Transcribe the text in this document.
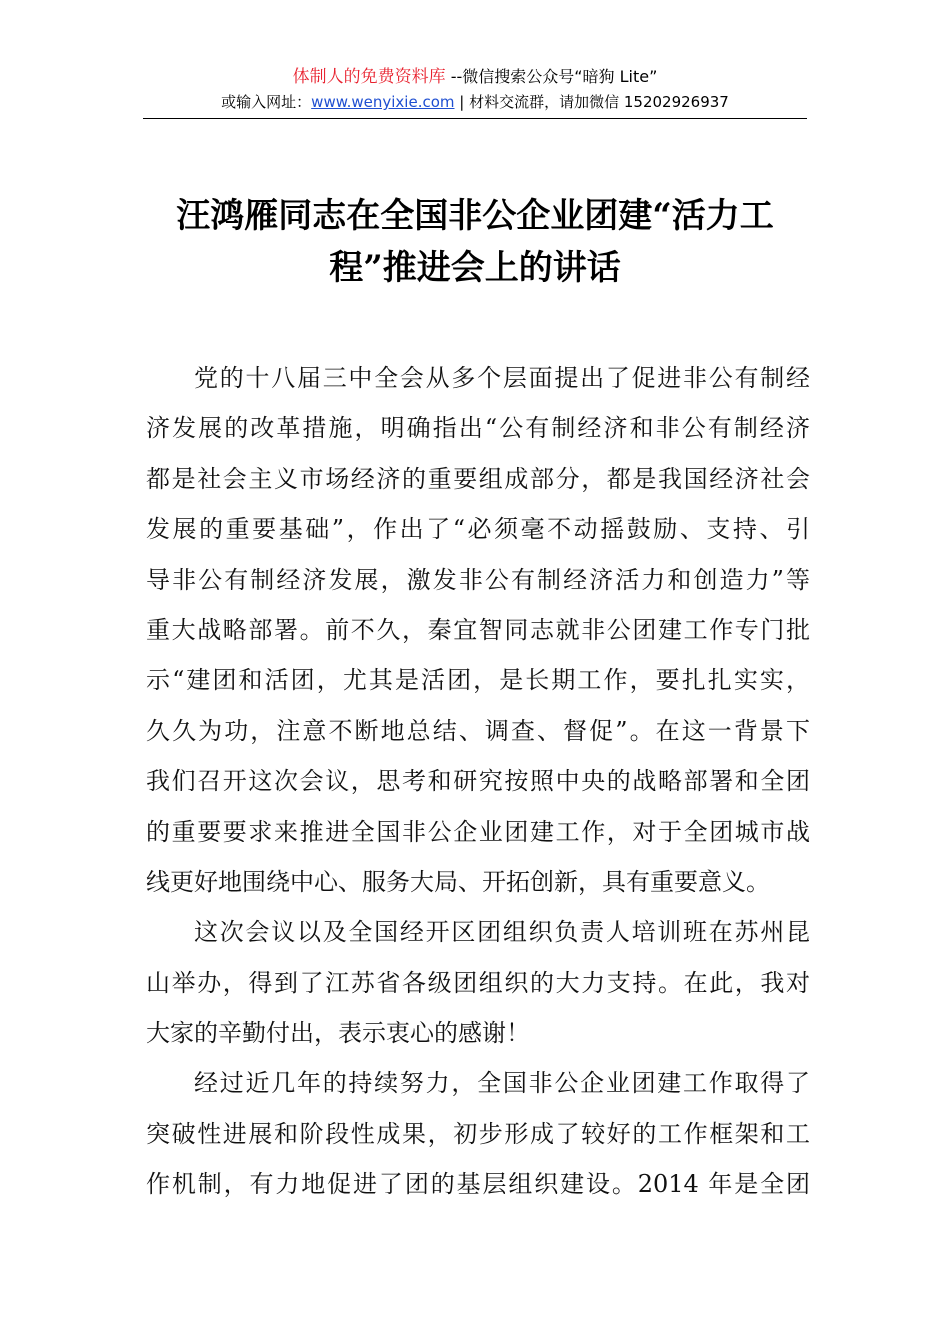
体制人的免费资料库 --微信搜索公众号“暗狗 Lite”
或输入网址：www.wenyixie.com | 材料交流群，请加微信 15202926937
汪鸿雁同志在全国非公企业团建“活力工
程”推进会上的讲话
党的十八届三中全会从多个层面提出了促进非公有制经
济发展的改革措施，明确指出“公有制经济和非公有制经济
都是社会主义市场经济的重要组成部分，都是我国经济社会
发展的重要基础”，作出了“必须毫不动摇鼓励、支持、引
导非公有制经济发展，激发非公有制经济活力和创造力”等
重大战略部署。前不久，秦宜智同志就非公团建工作专门批
示“建团和活团，尤其是活团，是长期工作，要扎扎实实，
久久为功，注意不断地总结、调查、督促”。在这一背景下
我们召开这次会议，思考和研究按照中央的战略部署和全团
的重要要求来推进全国非公企业团建工作，对于全团城市战
线更好地围绕中心、服务大局、开拓创新，具有重要意义。
这次会议以及全国经开区团组织负责人培训班在苏州昆
山举办，得到了江苏省各级团组织的大力支持。在此，我对
大家的辛勤付出，表示衷心的感谢！
经过近几年的持续努力，全国非公企业团建工作取得了
突破性进展和阶段性成果，初步形成了较好的工作框架和工
作机制，有力地促进了团的基层组织建设。2014 年是全团
